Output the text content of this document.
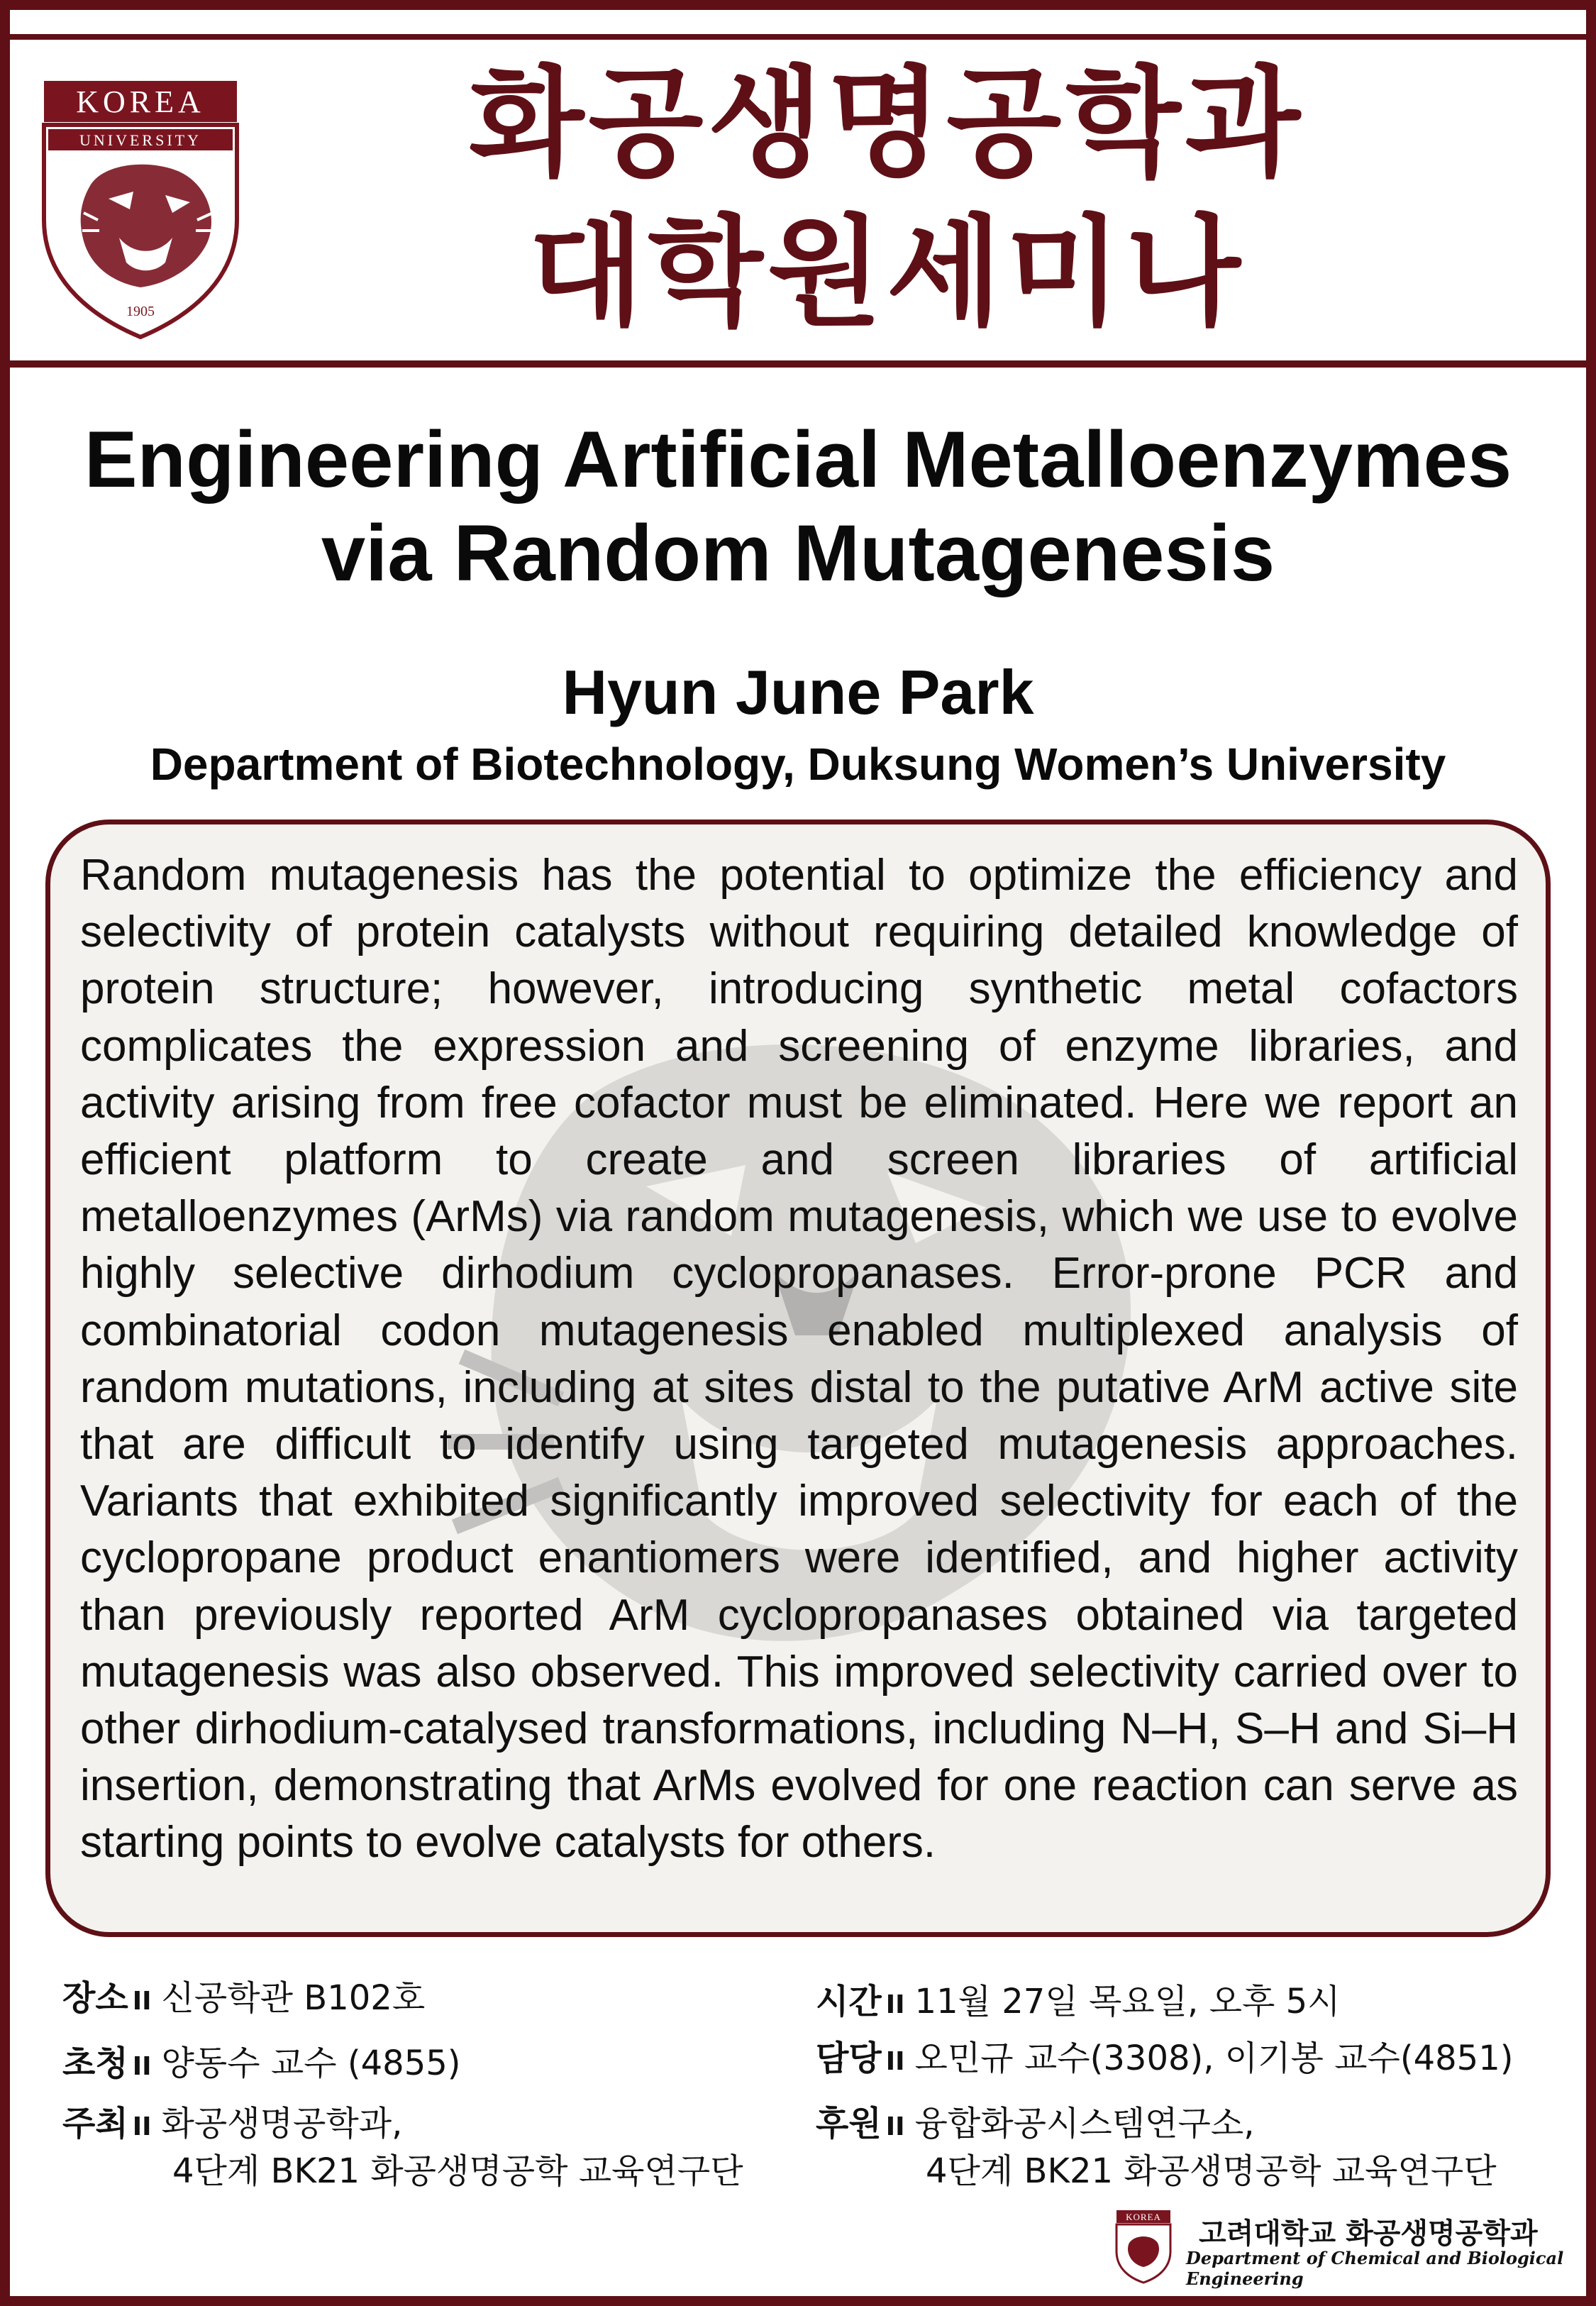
KOREA
UNIVERSITY
1905
화공생명공학과
대학원세미나
Engineering Artificial Metalloenzymes
via Random Mutagenesis
Hyun June Park
Department of Biotechnology, Duksung Women’s University

Random mutagenesis has the potential to optimize the efficiency and selectivity of protein catalysts without requiring detailed knowledge of protein structure; however, introducing synthetic metal cofactors complicates the expression and screening of enzyme libraries, and activity arising from free cofactor must be eliminated. Here we report an efficient platform to create and screen libraries of artificial metalloenzymes (ArMs) via random mutagenesis, which we use to evolve highly selective dirhodium cyclopropanases. Error-prone PCR and combinatorial codon mutagenesis enabled multiplexed analysis of random mutations, including at sites distal to the putative ArM active site that are difficult to identify using targeted mutagenesis approaches. Variants that exhibited significantly improved selectivity for each of the cyclopropane product enantiomers were identified, and higher activity than previously reported ArM cyclopropanases obtained via targeted mutagenesis was also observed. This improved selectivity carried over to other dirhodium-catalysed transformations, including N–H, S–H and Si–H insertion, demonstrating that ArMs evolved for one reaction can serve as starting points to evolve catalysts for others.

장소 II 신공학관 B102호
초청 II 양동수 교수 (4855)
주최 II 화공생명공학과,
4단계 BK21 화공생명공학 교육연구단
시간 II 11월 27일 목요일, 오후 5시
담당 II 오민규 교수(3308), 이기봉 교수(4851)
후원 II 융합화공시스템연구소,
4단계 BK21 화공생명공학 교육연구단
KOREA
고려대학교 화공생명공학과
Department of Chemical and Biological Engineering
